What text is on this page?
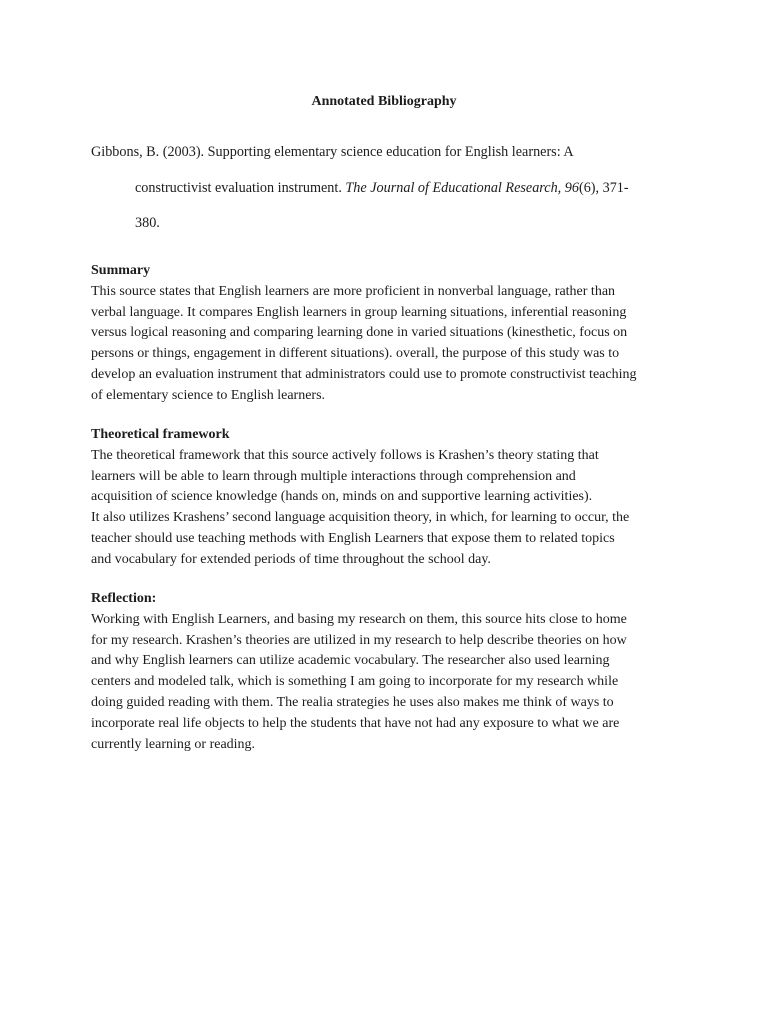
Annotated Bibliography
Gibbons, B. (2003). Supporting elementary science education for English learners: A
constructivist evaluation instrument. The Journal of Educational Research, 96(6), 371-
380.
Summary

This source states that English learners are more proficient in nonverbal language, rather than
verbal language. It compares English learners in group learning situations, inferential reasoning
versus logical reasoning and comparing learning done in varied situations (kinesthetic, focus on
persons or things, engagement in different situations). overall, the purpose of this study was to
develop an evaluation instrument that administrators could use to promote constructivist teaching
of elementary science to English learners.

Theoretical framework

The theoretical framework that this source actively follows is Krashen’s theory stating that
learners will be able to learn through multiple interactions through comprehension and
acquisition of science knowledge (hands on, minds on and supportive learning activities).
It also utilizes Krashens’ second language acquisition theory, in which, for learning to occur, the
teacher should use teaching methods with English Learners that expose them to related topics
and vocabulary for extended periods of time throughout the school day.

Reflection:

Working with English Learners, and basing my research on them, this source hits close to home
for my research. Krashen’s theories are utilized in my research to help describe theories on how
and why English learners can utilize academic vocabulary. The researcher also used learning
centers and modeled talk, which is something I am going to incorporate for my research while
doing guided reading with them. The realia strategies he uses also makes me think of ways to
incorporate real life objects to help the students that have not had any exposure to what we are
currently learning or reading.
